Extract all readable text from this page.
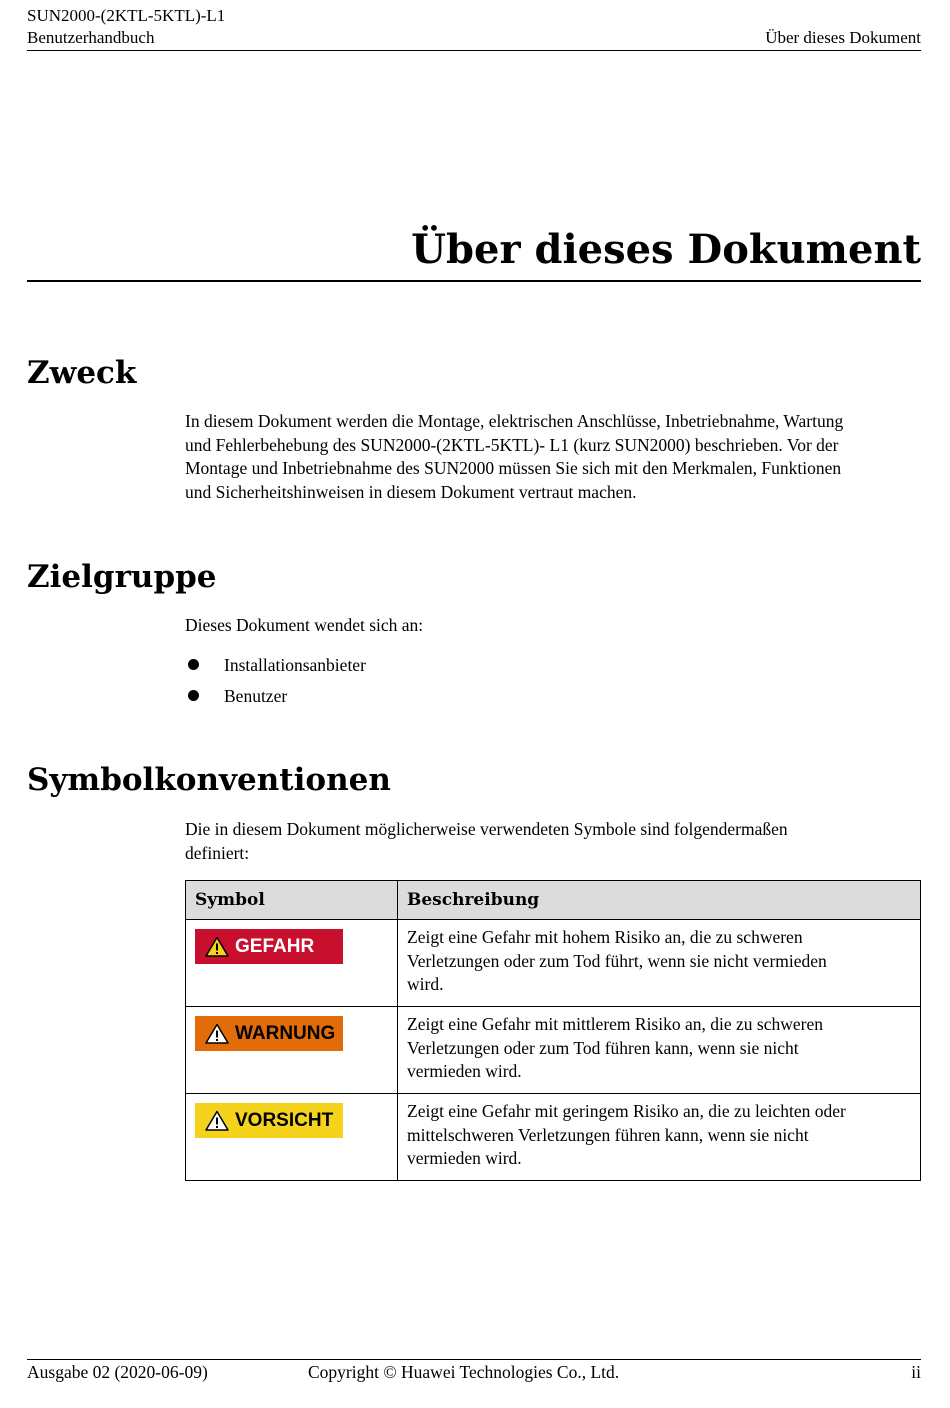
SUN2000-(2KTL-5KTL)-L1
Benutzerhandbuch	Über dieses Dokument
Über dieses Dokument
Zweck
In diesem Dokument werden die Montage, elektrischen Anschlüsse, Inbetriebnahme, Wartung
und Fehlerbehebung des SUN2000-(2KTL-5KTL)- L1 (kurz SUN2000) beschrieben. Vor der
Montage und Inbetriebnahme des SUN2000 müssen Sie sich mit den Merkmalen, Funktionen
und Sicherheitshinweisen in diesem Dokument vertraut machen.
Zielgruppe
Dieses Dokument wendet sich an:
Installationsanbieter
Benutzer
Symbolkonventionen
Die in diesem Dokument möglicherweise verwendeten Symbole sind folgendermaßen
definiert:
Symbol	Beschreibung

GEFAHR	Zeigt eine Gefahr mit hohem Risiko an, die zu schweren
Verletzungen oder zum Tod führt, wenn sie nicht vermieden
wird.

WARNUNG	Zeigt eine Gefahr mit mittlerem Risiko an, die zu schweren
Verletzungen oder zum Tod führen kann, wenn sie nicht
vermieden wird.

VORSICHT	Zeigt eine Gefahr mit geringem Risiko an, die zu leichten oder
mittelschweren Verletzungen führen kann, wenn sie nicht
vermieden wird.
Ausgabe 02 (2020-06-09)	Copyright © Huawei Technologies Co., Ltd.	ii
